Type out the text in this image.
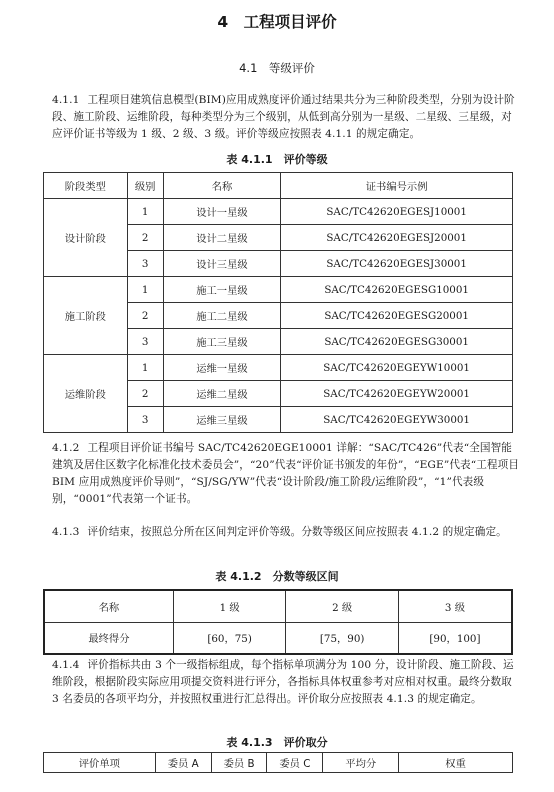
4　工程项目评价
4.1　等级评价
4.1.1 工程项目建筑信息模型(BIM)应用成熟度评价通过结果共分为三种阶段类型，分别为设计阶段、施工阶段、运维阶段，每种类型分为三个级别，从低到高分别为一星级、二星级、三星级，对应评价证书等级为 1 级、2 级、3 级。评价等级应按照表 4.1.1 的规定确定。
表 4.1.1　评价等级
阶段类型	级别	名称	证书编号示例
设计阶段	1	设计一星级	SAC/TC42620EGESJ10001
	2	设计二星级	SAC/TC42620EGESJ20001
	3	设计三星级	SAC/TC42620EGESJ30001
施工阶段	1	施工一星级	SAC/TC42620EGESG10001
	2	施工二星级	SAC/TC42620EGESG20001
	3	施工三星级	SAC/TC42620EGESG30001
运维阶段	1	运维一星级	SAC/TC42620EGEYW10001
	2	运维二星级	SAC/TC42620EGEYW20001
	3	运维三星级	SAC/TC42620EGEYW30001
4.1.2 工程项目评价证书编号 SAC/TC42620EGE10001 详解：“SAC/TC426”代表“全国智能建筑及居住区数字化标准化技术委员会”，“20”代表“评价证书颁发的年份”，“EGE”代表“工程项目 BIM 应用成熟度评价导则”，“SJ/SG/YW”代表“设计阶段/施工阶段/运维阶段”，“1”代表级别，“0001”代表第一个证书。
4.1.3 评价结束，按照总分所在区间判定评价等级。分数等级区间应按照表 4.1.2 的规定确定。
表 4.1.2　分数等级区间
名称	1 级	2 级	3 级
最终得分	[60，75)	[75，90)	[90，100]
4.1.4 评价指标共由 3 个一级指标组成，每个指标单项满分为 100 分，设计阶段、施工阶段、运维阶段，根据阶段实际应用项提交资料进行评分，各指标具体权重参考对应相对权重。最终分数取 3 名委员的各项平均分，并按照权重进行汇总得出。评价取分应按照表 4.1.3 的规定确定。
表 4.1.3　评价取分
评价单项	委员 A	委员 B	委员 C	平均分	权重
